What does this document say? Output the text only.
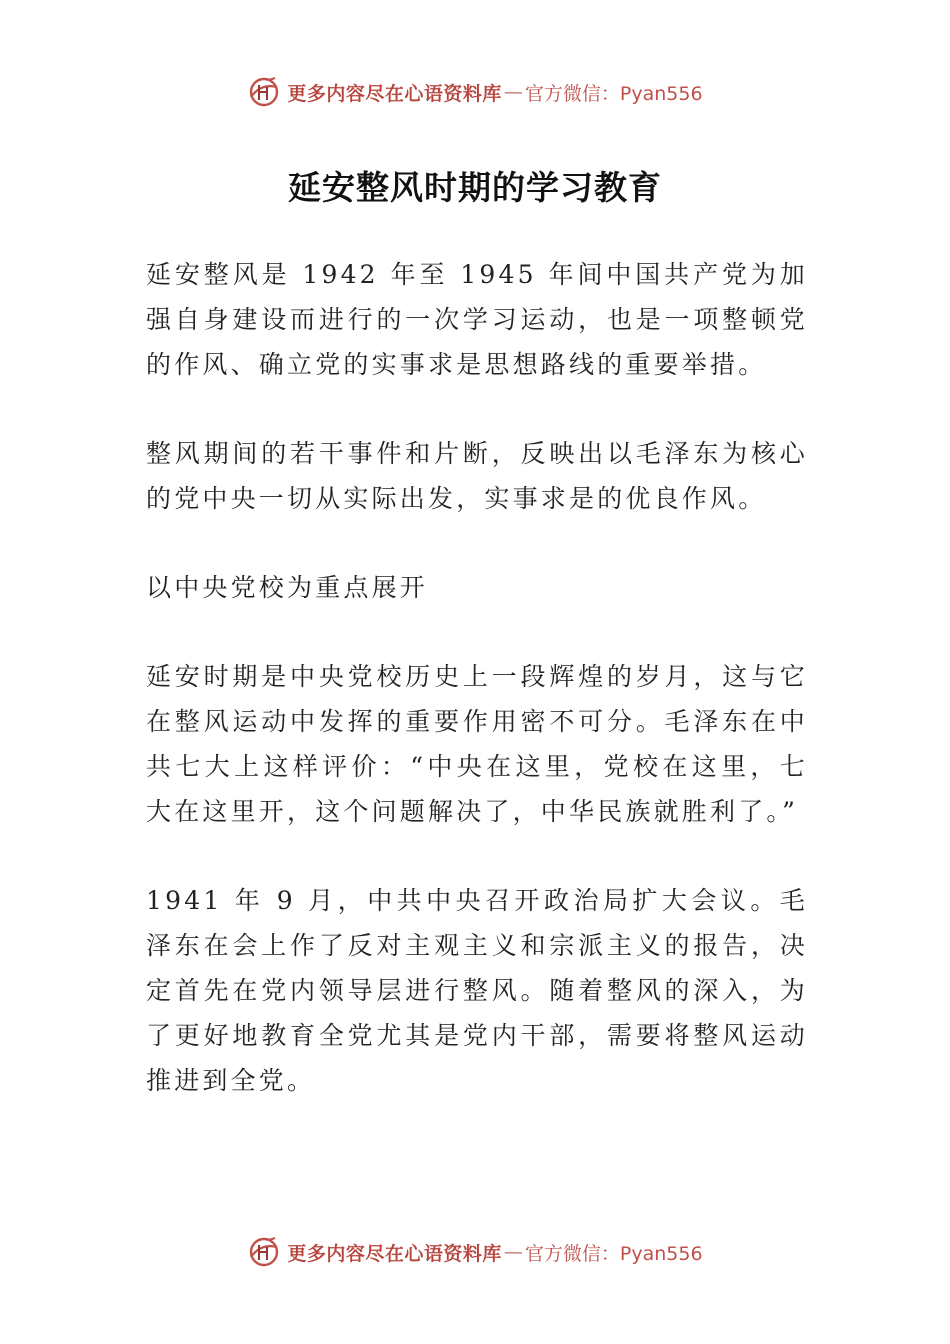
更多内容尽在心语资料库 — 官方微信：Pyan556
延安整风时期的学习教育

延安整风是 1942 年至 1945 年间中国共产党为加强自身建设而进行的一次学习运动，也是一项整顿党的作风、确立党的实事求是思想路线的重要举措。

整风期间的若干事件和片断，反映出以毛泽东为核心的党中央一切从实际出发，实事求是的优良作风。

以中央党校为重点展开

延安时期是中央党校历史上一段辉煌的岁月，这与它在整风运动中发挥的重要作用密不可分。毛泽东在中共七大上这样评价：“中央在这里，党校在这里，七大在这里开，这个问题解决了，中华民族就胜利了。”

1941 年 9 月，中共中央召开政治局扩大会议。毛泽东在会上作了反对主观主义和宗派主义的报告，决定首先在党内领导层进行整风。随着整风的深入，为了更好地教育全党尤其是党内干部，需要将整风运动推进到全党。

更多内容尽在心语资料库 — 官方微信：Pyan556
